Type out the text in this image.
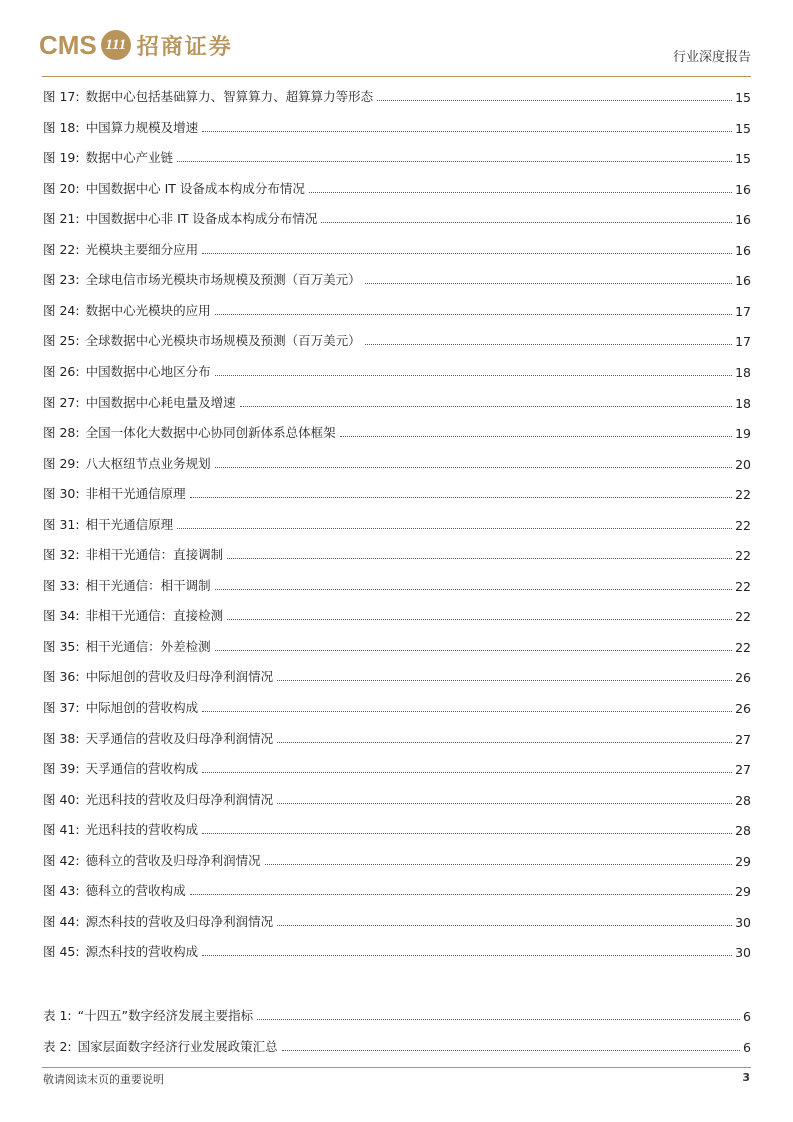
CMS 111 招商证券	行业深度报告
图 17: 数据中心包括基础算力、智算算力、超算算力等形态	15
图 18: 中国算力规模及增速	15
图 19: 数据中心产业链	15
图 20: 中国数据中心 IT 设备成本构成分布情况	16
图 21: 中国数据中心非 IT 设备成本构成分布情况	16
图 22: 光模块主要细分应用	16
图 23: 全球电信市场光模块市场规模及预测（百万美元）	16
图 24: 数据中心光模块的应用	17
图 25: 全球数据中心光模块市场规模及预测（百万美元）	17
图 26: 中国数据中心地区分布	18
图 27: 中国数据中心耗电量及增速	18
图 28: 全国一体化大数据中心协同创新体系总体框架	19
图 29: 八大枢纽节点业务规划	20
图 30: 非相干光通信原理	22
图 31: 相干光通信原理	22
图 32: 非相干光通信：直接调制	22
图 33: 相干光通信：相干调制	22
图 34: 非相干光通信：直接检测	22
图 35: 相干光通信：外差检测	22
图 36: 中际旭创的营收及归母净利润情况	26
图 37: 中际旭创的营收构成	26
图 38: 天孚通信的营收及归母净利润情况	27
图 39: 天孚通信的营收构成	27
图 40: 光迅科技的营收及归母净利润情况	28
图 41: 光迅科技的营收构成	28
图 42: 德科立的营收及归母净利润情况	29
图 43: 德科立的营收构成	29
图 44: 源杰科技的营收及归母净利润情况	30
图 45: 源杰科技的营收构成	30
表 1: “十四五”数字经济发展主要指标	6
表 2: 国家层面数字经济行业发展政策汇总	6
敬请阅读末页的重要说明	3
